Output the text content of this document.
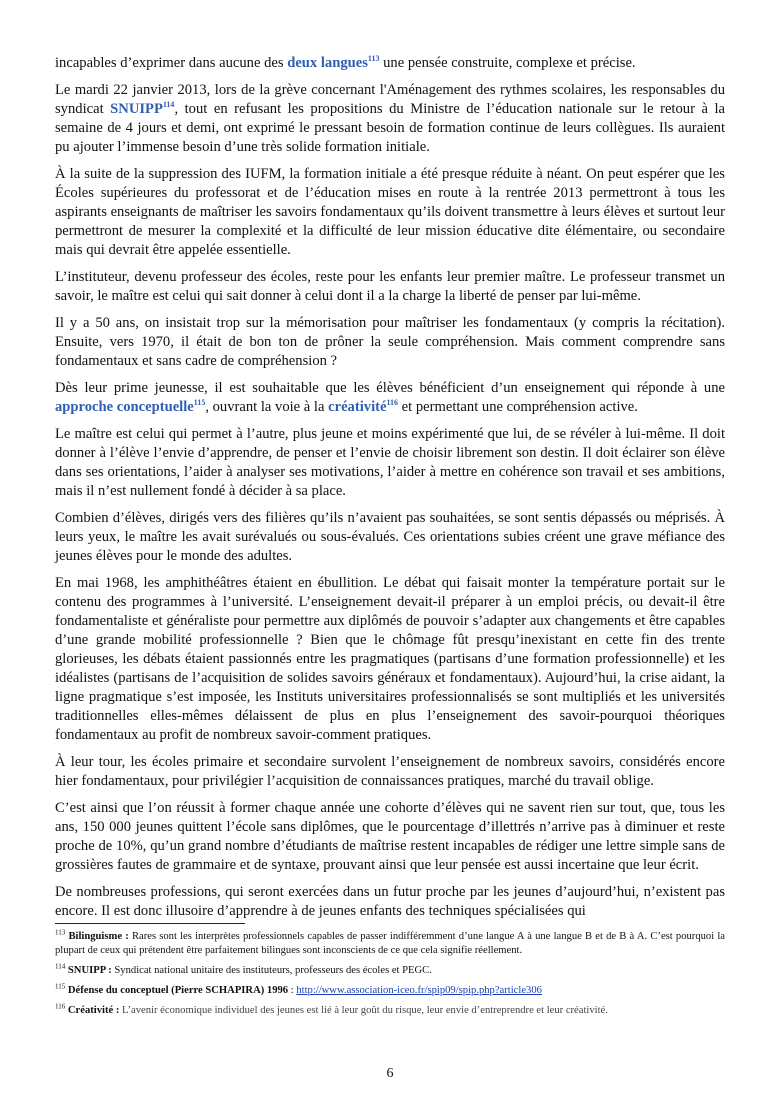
incapables d’exprimer dans aucune des deux langues$^{113}$ une pensée construite, complexe et précise.

Le mardi 22 janvier 2013, lors de la grève concernant l'Aménagement des rythmes scolaires, les responsables du syndicat SNUIPP$^{114}$, tout en refusant les propositions du Ministre de l’éducation nationale sur le retour à la semaine de 4 jours et demi, ont exprimé le pressant besoin de formation continue de leurs collègues. Ils auraient pu ajouter l’immense besoin d’une très solide formation initiale.

À la suite de la suppression des IUFM, la formation initiale a été presque réduite à néant. On peut espérer que les Écoles supérieures du professorat et de l’éducation mises en route à la rentrée 2013 permettront à tous les aspirants enseignants de maîtriser les savoirs fondamentaux qu’ils doivent transmettre à leurs élèves et surtout leur permettront de mesurer la complexité et la difficulté de leur mission éducative dite élémentaire, ou secondaire mais qui devrait être appelée essentielle.

L’instituteur, devenu professeur des écoles, reste pour les enfants leur premier maître. Le professeur transmet un savoir, le maître est celui qui sait donner à celui dont il a la charge la liberté de penser par lui-même.

Il y a 50 ans, on insistait trop sur la mémorisation pour maîtriser les fondamentaux (y compris la récitation). Ensuite, vers 1970, il était de bon ton de prôner la seule compréhension. Mais comment comprendre sans fondamentaux et sans cadre de compréhension ?

Dès leur prime jeunesse, il est souhaitable que les élèves bénéficient d’un enseignement qui réponde à une approche conceptuelle$^{115}$, ouvrant la voie à la créativité$^{116}$ et permettant une compréhension active.

Le maître est celui qui permet à l’autre, plus jeune et moins expérimenté que lui, de se révéler à lui-même. Il doit donner à l’élève l’envie d’apprendre, de penser et l’envie de choisir librement son destin. Il doit éclairer son élève dans ses orientations, l’aider à analyser ses motivations, l’aider à mettre en cohérence son travail et ses ambitions, mais il n’est nullement fondé à décider à sa place.

Combien d’élèves, dirigés vers des filières qu’ils n’avaient pas souhaitées, se sont sentis dépassés ou méprisés. À leurs yeux, le maître les avait surévalués ou sous-évalués. Ces orientations subies créent une grave méfiance des jeunes élèves pour le monde des adultes.

En mai 1968, les amphithéâtres étaient en ébullition. Le débat qui faisait monter la température portait sur le contenu des programmes à l’université. L’enseignement devait-il préparer à un emploi précis, ou devait-il être fondamentaliste et généraliste pour permettre aux diplômés de pouvoir s’adapter aux changements et être capables d’une grande mobilité professionnelle ? Bien que le chômage fût presqu’inexistant en cette fin des trente glorieuses, les débats étaient passionnés entre les pragmatiques (partisans d’une formation professionnelle) et les idéalistes (partisans de l’acquisition de solides savoirs généraux et fondamentaux). Aujourd’hui, la crise aidant, la ligne pragmatique s’est imposée, les Instituts universitaires professionnalisés se sont multipliés et les universités traditionnelles elles-mêmes délaissent de plus en plus l’enseignement des savoir-pourquoi théoriques fondamentaux au profit de nombreux savoir-comment pratiques.

À leur tour, les écoles primaire et secondaire survolent l’enseignement de nombreux savoirs, considérés encore hier fondamentaux, pour privilégier l’acquisition de connaissances pratiques, marché du travail oblige.

C’est ainsi que l’on réussit à former chaque année une cohorte d’élèves qui ne savent rien sur tout, que, tous les ans, 150 000 jeunes quittent l’école sans diplômes, que le pourcentage d’illettrés n’arrive pas à diminuer et reste proche de 10%, qu’un grand nombre d’étudiants de maîtrise restent incapables de rédiger une lettre simple sans de grossières fautes de grammaire et de syntaxe, prouvant ainsi que leur pensée est aussi incertaine que leur écrit.

De nombreuses professions, qui seront exercées dans un futur proche par les jeunes d’aujourd’hui, n’existent pas encore. Il est donc illusoire d’apprendre à de jeunes enfants des techniques spécialisées qui

$^{113}$ Bilinguisme : Rares sont les interprètes professionnels capables de passer indifféremment d’une langue A à une langue B et de B à A. C’est pourquoi la plupart de ceux qui prétendent être parfaitement bilingues sont inconscients de ce que cela signifie réellement.

$^{114}$ SNUIPP : Syndicat national unitaire des instituteurs, professeurs des écoles et PEGC.

$^{115}$ Défense du conceptuel (Pierre SCHAPIRA) 1996 : http://www.association-iceo.fr/spip09/spip.php?article306

$^{116}$ Créativité : L’avenir économique individuel des jeunes est lié à leur goût du risque, leur envie d’entreprendre et leur créativité.

6
